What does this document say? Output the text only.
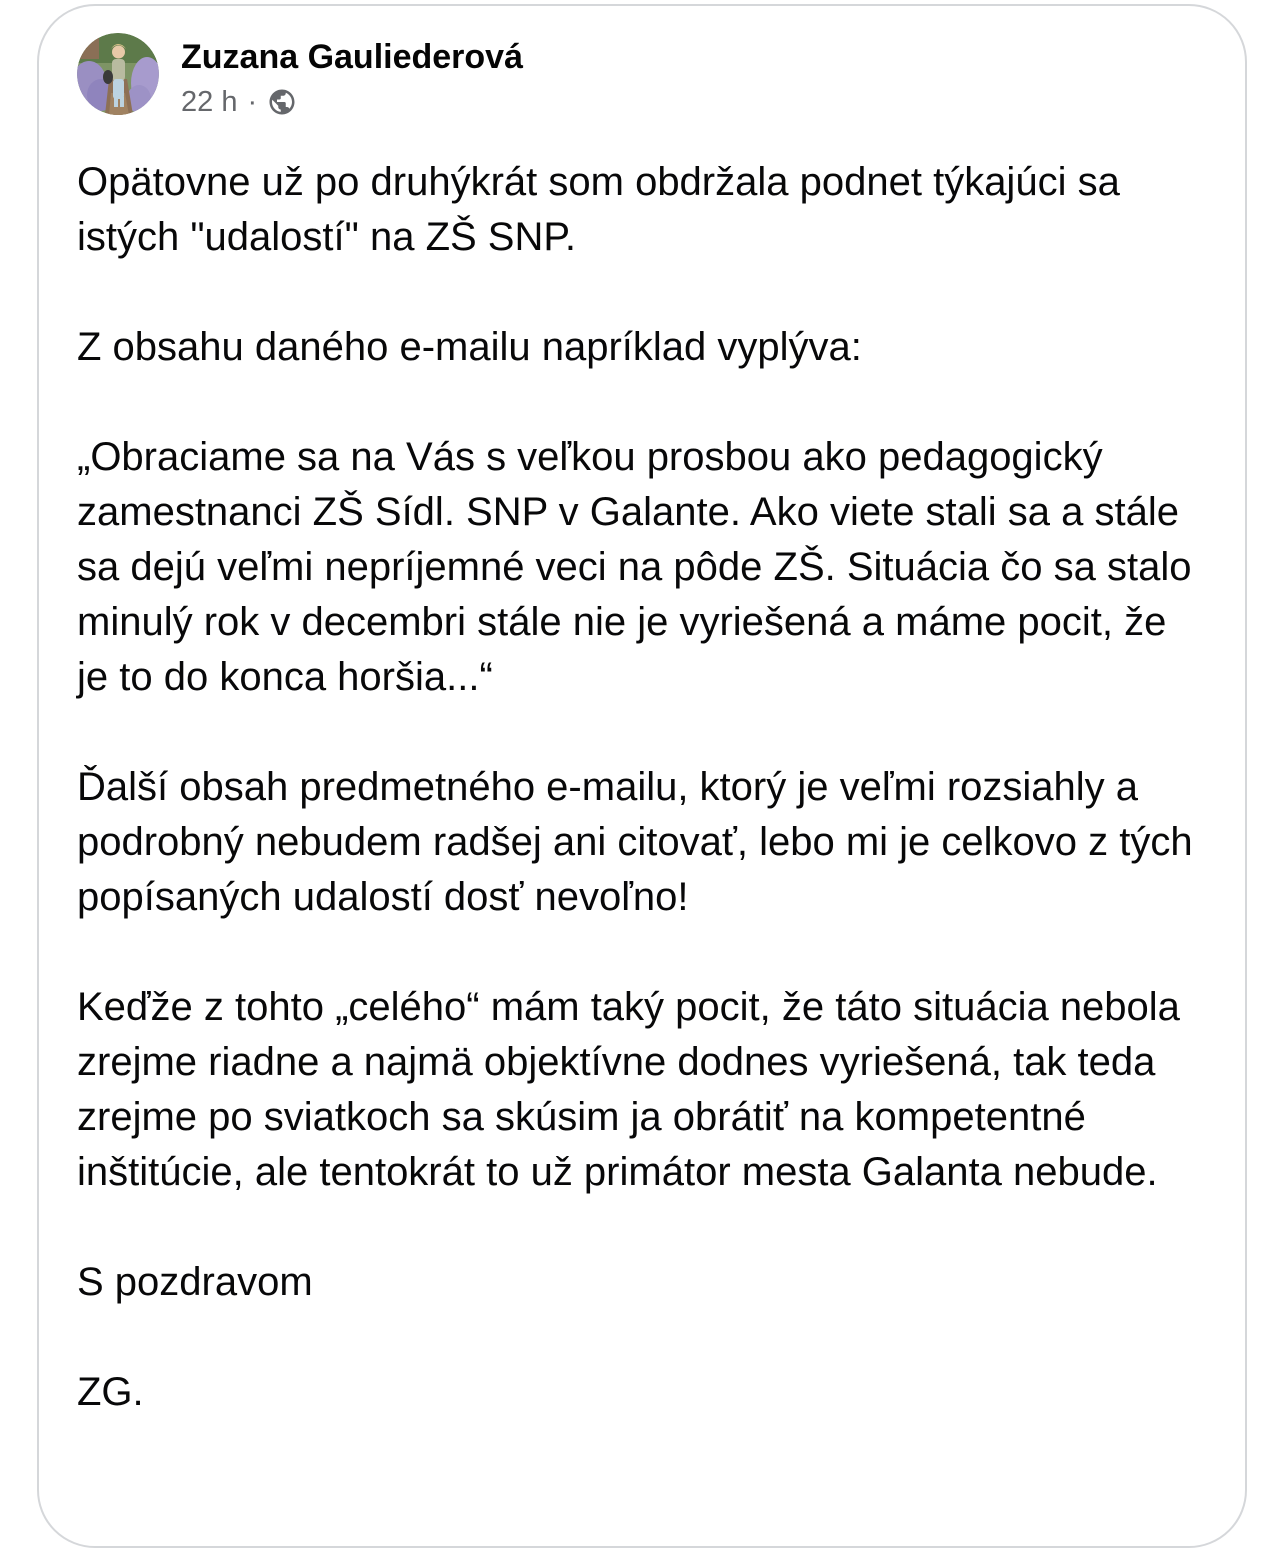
Zuzana Gauliederová
22 h ·
Opätovne už po druhýkrát som obdržala podnet týkajúci sa istých "udalostí" na ZŠ SNP.
Z obsahu daného e-mailu napríklad vyplýva:
„Obraciame sa na Vás s veľkou prosbou ako pedagogický zamestnanci ZŠ Sídl. SNP v Galante. Ako viete stali sa a stále sa dejú veľmi nepríjemné veci na pôde ZŠ. Situácia čo sa stalo minulý rok v decembri stále nie je vyriešená a máme pocit, že je to do konca horšia...“
Ďalší obsah predmetného e-mailu, ktorý je veľmi rozsiahly a podrobný nebudem radšej ani citovať, lebo mi je celkovo z tých popísaných udalostí dosť nevoľno!
Keďže z tohto „celého“ mám taký pocit, že táto situácia nebola zrejme riadne a najmä objektívne dodnes vyriešená, tak teda zrejme po sviatkoch sa skúsim ja obrátiť na kompetentné inštitúcie, ale tentokrát to už primátor mesta Galanta nebude.
S pozdravom
ZG.
